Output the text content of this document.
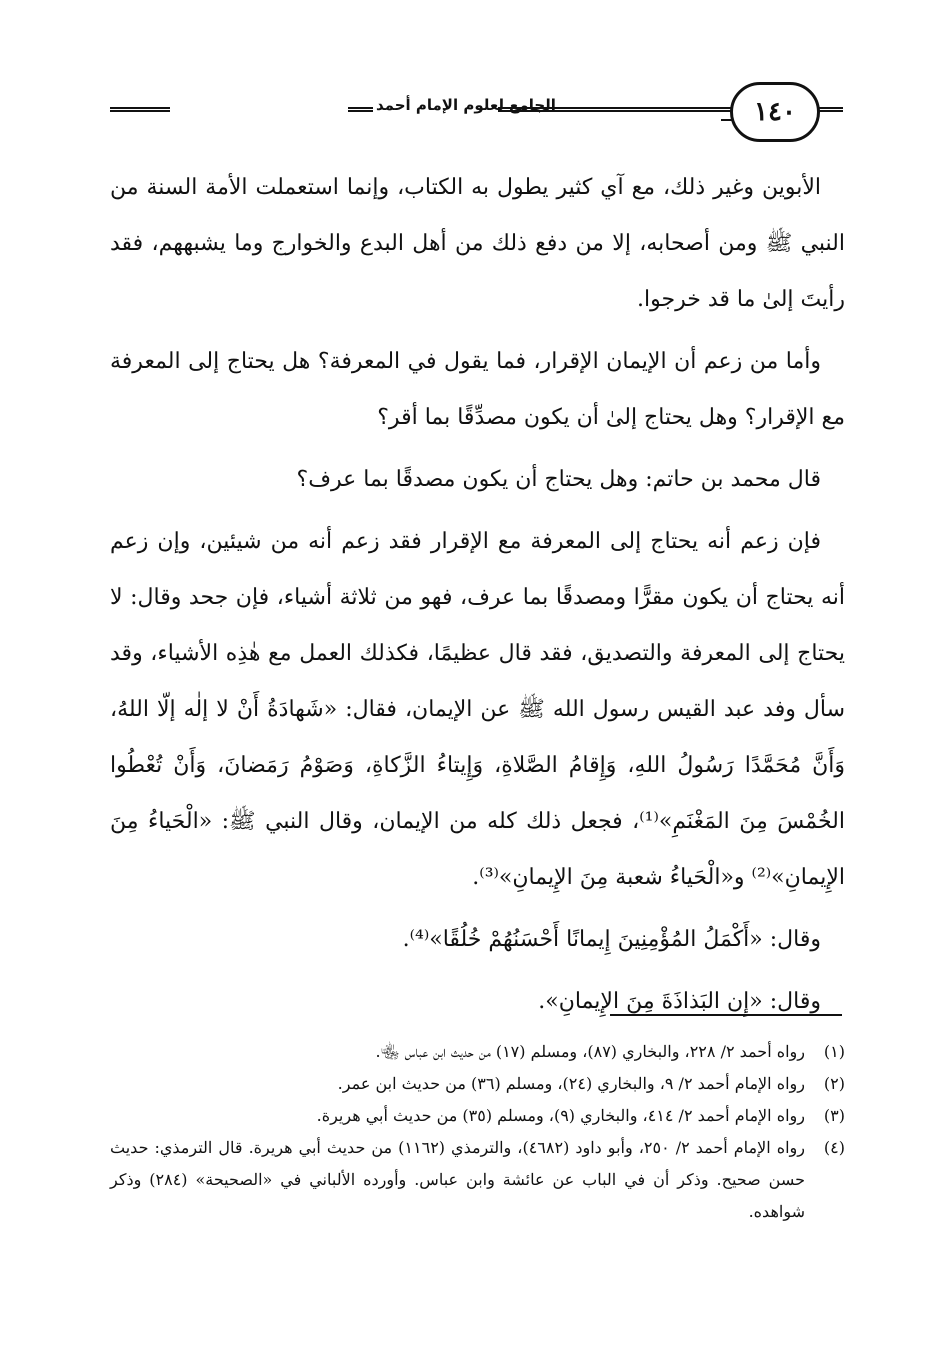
الجامع لعلوم الإمام أحمد	١٤٠

الأبوين وغير ذلك، مع آي كثير يطول به الكتاب، وإنما استعملت الأمة السنة من النبي ﷺ ومن أصحابه، إلا من دفع ذلك من أهل البدع والخوارج وما يشبههم، فقد رأيتَ إلىٰ ما قد خرجوا.

وأما من زعم أن الإيمان الإقرار، فما يقول في المعرفة؟ هل يحتاج إلى المعرفة مع الإقرار؟ وهل يحتاج إلىٰ أن يكون مصدِّقًا بما أقر؟

قال محمد بن حاتم: وهل يحتاج أن يكون مصدقًا بما عرف؟

فإن زعم أنه يحتاج إلى المعرفة مع الإقرار فقد زعم أنه من شيئين، وإن زعم أنه يحتاج أن يكون مقرًّا ومصدقًا بما عرف، فهو من ثلاثة أشياء، فإن جحد وقال: لا يحتاج إلى المعرفة والتصديق، فقد قال عظيمًا، فكذلك العمل مع هٰذِه الأشياء، وقد سأل وفد عبد القيس رسول الله ﷺ عن الإيمان، فقال: «شَهادَةُ أَنْ لا إلٰه إلّا اللهُ، وَأَنَّ مُحَمَّدًا رَسُولُ اللهِ، وَإِقامُ الصَّلاةِ، وَإِيتاءُ الزَّكاةِ، وَصَوْمُ رَمَضانَ، وَأَنْ تُعْطُوا الخُمْسَ مِنَ المَغْنَمِ»⁽¹⁾، فجعل ذلك كله من الإيمان، وقال النبي ﷺ: «الْحَياءُ مِنَ الإِيمانِ»⁽²⁾ و«الْحَياءُ شعبة مِنَ الإِيمانِ»⁽³⁾.

وقال: «أَكْمَلُ المُؤْمِنِينَ إِيمانًا أَحْسَنُهُمْ خُلُقًا»⁽⁴⁾.

وقال: «إِن البَذاذَةَ مِنَ الإِيمانِ».

(١)
رواه أحمد ٢/ ٢٢٨، والبخاري (٨٧)، ومسلم (١٧) من حديث ابن عباس ﵄.
(٢)
رواه الإمام أحمد ٢/ ٩، والبخاري (٢٤)، ومسلم (٣٦) من حديث ابن عمر.
(٣)
رواه الإمام أحمد ٢/ ٤١٤، والبخاري (٩)، ومسلم (٣٥) من حديث أبي هريرة.
(٤)
رواه الإمام أحمد ٢/ ٢٥٠، وأبو داود (٤٦٨٢)، والترمذي (١١٦٢) من حديث أبي هريرة. قال الترمذي: حديث حسن صحيح. وذكر أن في الباب عن عائشة وابن عباس. وأورده الألباني في «الصحيحة» (٢٨٤) وذكر شواهده.
